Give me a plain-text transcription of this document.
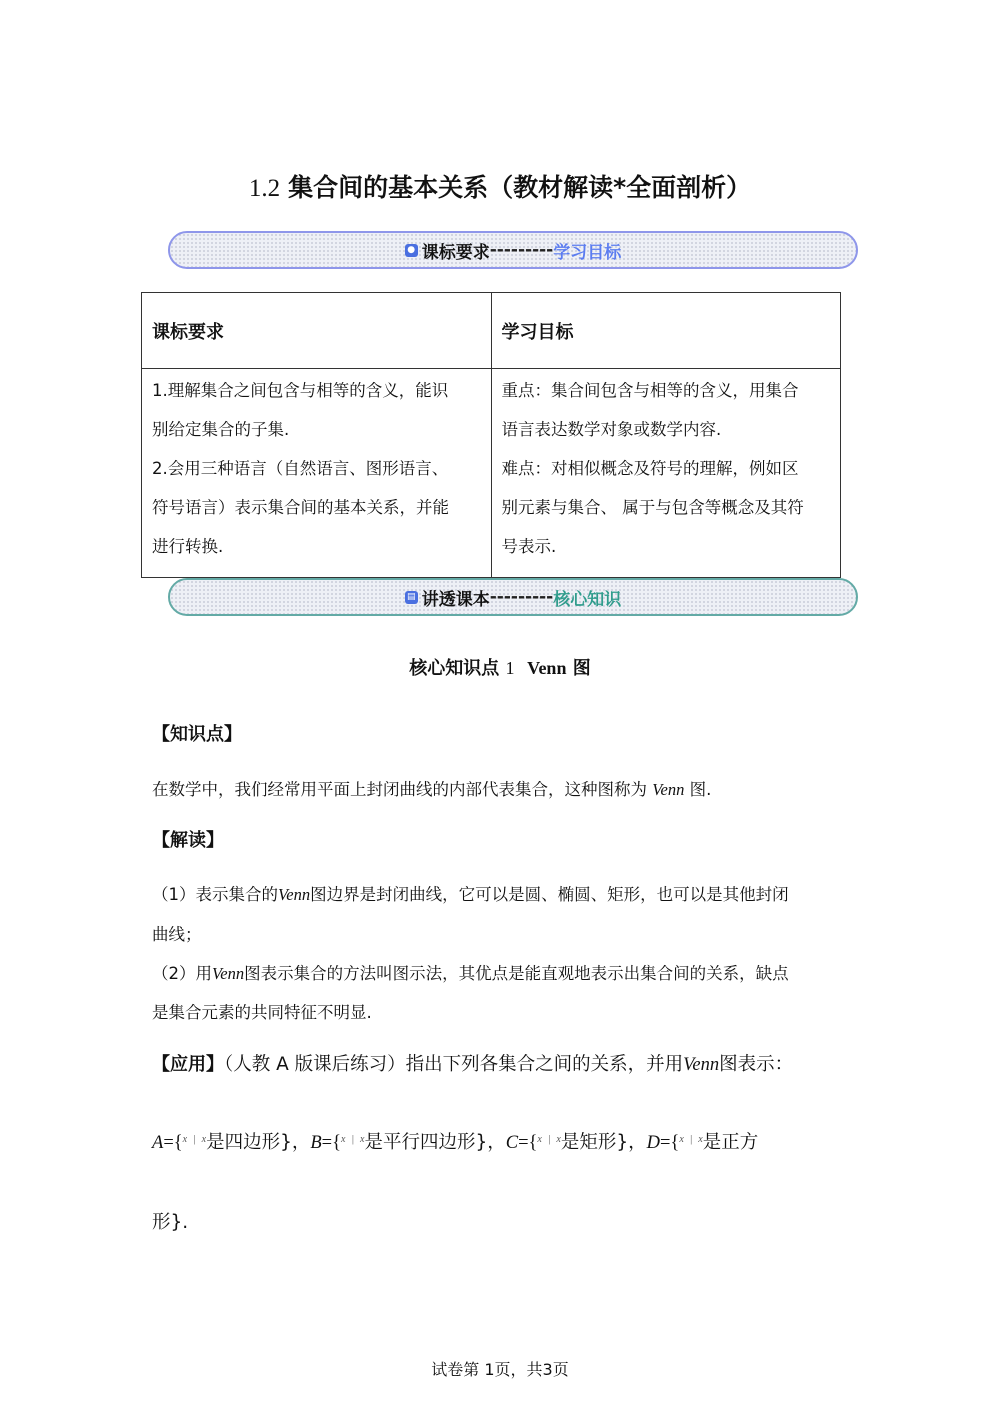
1.2 集合间的基本关系（教材解读*全面剖析）
● 课标要求 --------- 学习目标
课标要求	学习目标

1.理解集合之间包含与相等的含义，能识
别给定集合的子集.
2.会用三种语言（自然语言、图形语言、
符号语言）表示集合间的基本关系，并能
进行转换.	重点：集合间包含与相等的含义，用集合
语言表达数学对象或数学内容.
难点：对相似概念及符号的理解，例如区
别元素与集合、 属于与包含等概念及其符
号表示.
▤ 讲透课本 --------- 核心知识
核心知识点 1 Venn 图
【知识点】
在数学中，我们经常用平面上封闭曲线的内部代表集合，这种图称为 Venn 图.
【解读】
（1）表示集合的Venn图边界是封闭曲线，它可以是圆、椭圆、矩形，也可以是其他封闭
曲线；
（2）用Venn图表示集合的方法叫图示法，其优点是能直观地表示出集合间的关系，缺点
是集合元素的共同特征不明显.
【应用】（人教 A 版课后练习）指出下列各集合之间的关系，并用Venn图表示：
A={$^x$ | $^x$是四边形}，B={$^x$ | $^x$是平行四边形}，C={$^x$ | $^x$是矩形}，D={$^x$ | $^x$是正方
形}.
试卷第 1页，共3页
